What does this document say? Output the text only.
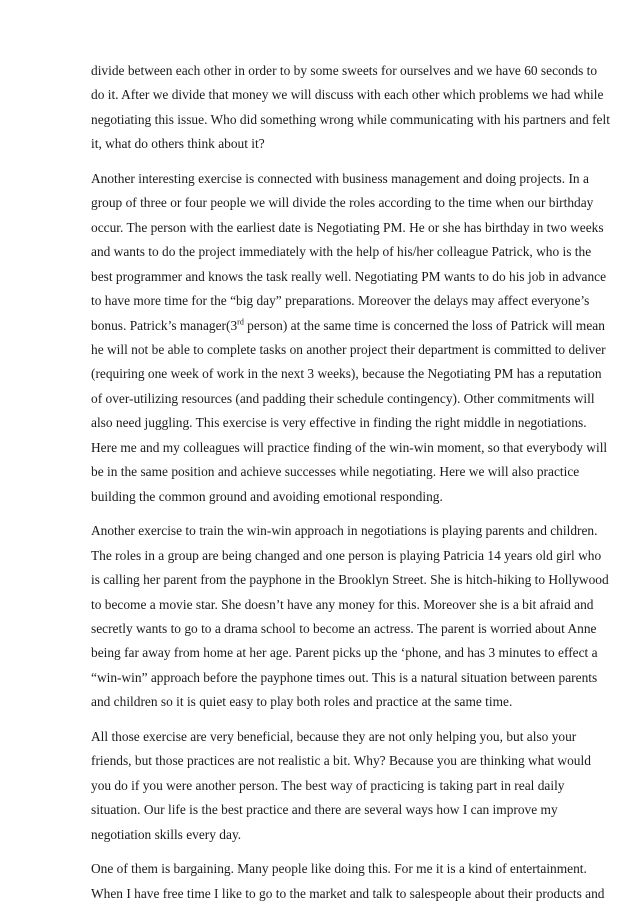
divide between each other in order to by some sweets for ourselves and we have 60 seconds to
do it. After we divide that money we will discuss with each other which problems we had while
negotiating this issue. Who did something wrong while communicating with his partners and felt
it, what do others think about it?

Another interesting exercise is connected with business management and doing projects. In a
group of three or four people we will divide the roles according to the time when our birthday
occur. The person with the earliest date is Negotiating PM. He or she has birthday in two weeks
and wants to do the project immediately with the help of his/her colleague Patrick, who is the
best programmer and knows the task really well. Negotiating PM wants to do his job in advance
to have more time for the “big day” preparations. Moreover the delays may affect everyone’s
bonus. Patrick’s manager(3rd person) at the same time is concerned the loss of Patrick will mean
he will not be able to complete tasks on another project their department is committed to deliver
(requiring one week of work in the next 3 weeks), because the Negotiating PM has a reputation
of over-utilizing resources (and padding their schedule contingency). Other commitments will
also need juggling. This exercise is very effective in finding the right middle in negotiations.
Here me and my colleagues will practice finding of the win-win moment, so that everybody will
be in the same position and achieve successes while negotiating. Here we will also practice
building the common ground and avoiding emotional responding.

Another exercise to train the win-win approach in negotiations is playing parents and children.
The roles in a group are being changed and one person is playing Patricia 14 years old girl who
is calling her parent from the payphone in the Brooklyn Street. She is hitch-hiking to Hollywood
to become a movie star. She doesn’t have any money for this. Moreover she is a bit afraid and
secretly wants to go to a drama school to become an actress. The parent is worried about Anne
being far away from home at her age. Parent picks up the ‘phone, and has 3 minutes to effect a
“win-win” approach before the payphone times out. This is a natural situation between parents
and children so it is quiet easy to play both roles and practice at the same time.

All those exercise are very beneficial, because they are not only helping you, but also your
friends, but those practices are not realistic a bit. Why? Because you are thinking what would
you do if you were another person. The best way of practicing is taking part in real daily
situation. Our life is the best practice and there are several ways how I can improve my
negotiation skills every day.

One of them is bargaining. Many people like doing this. For me it is a kind of entertainment.
When I have free time I like to go to the market and talk to salespeople about their products and
